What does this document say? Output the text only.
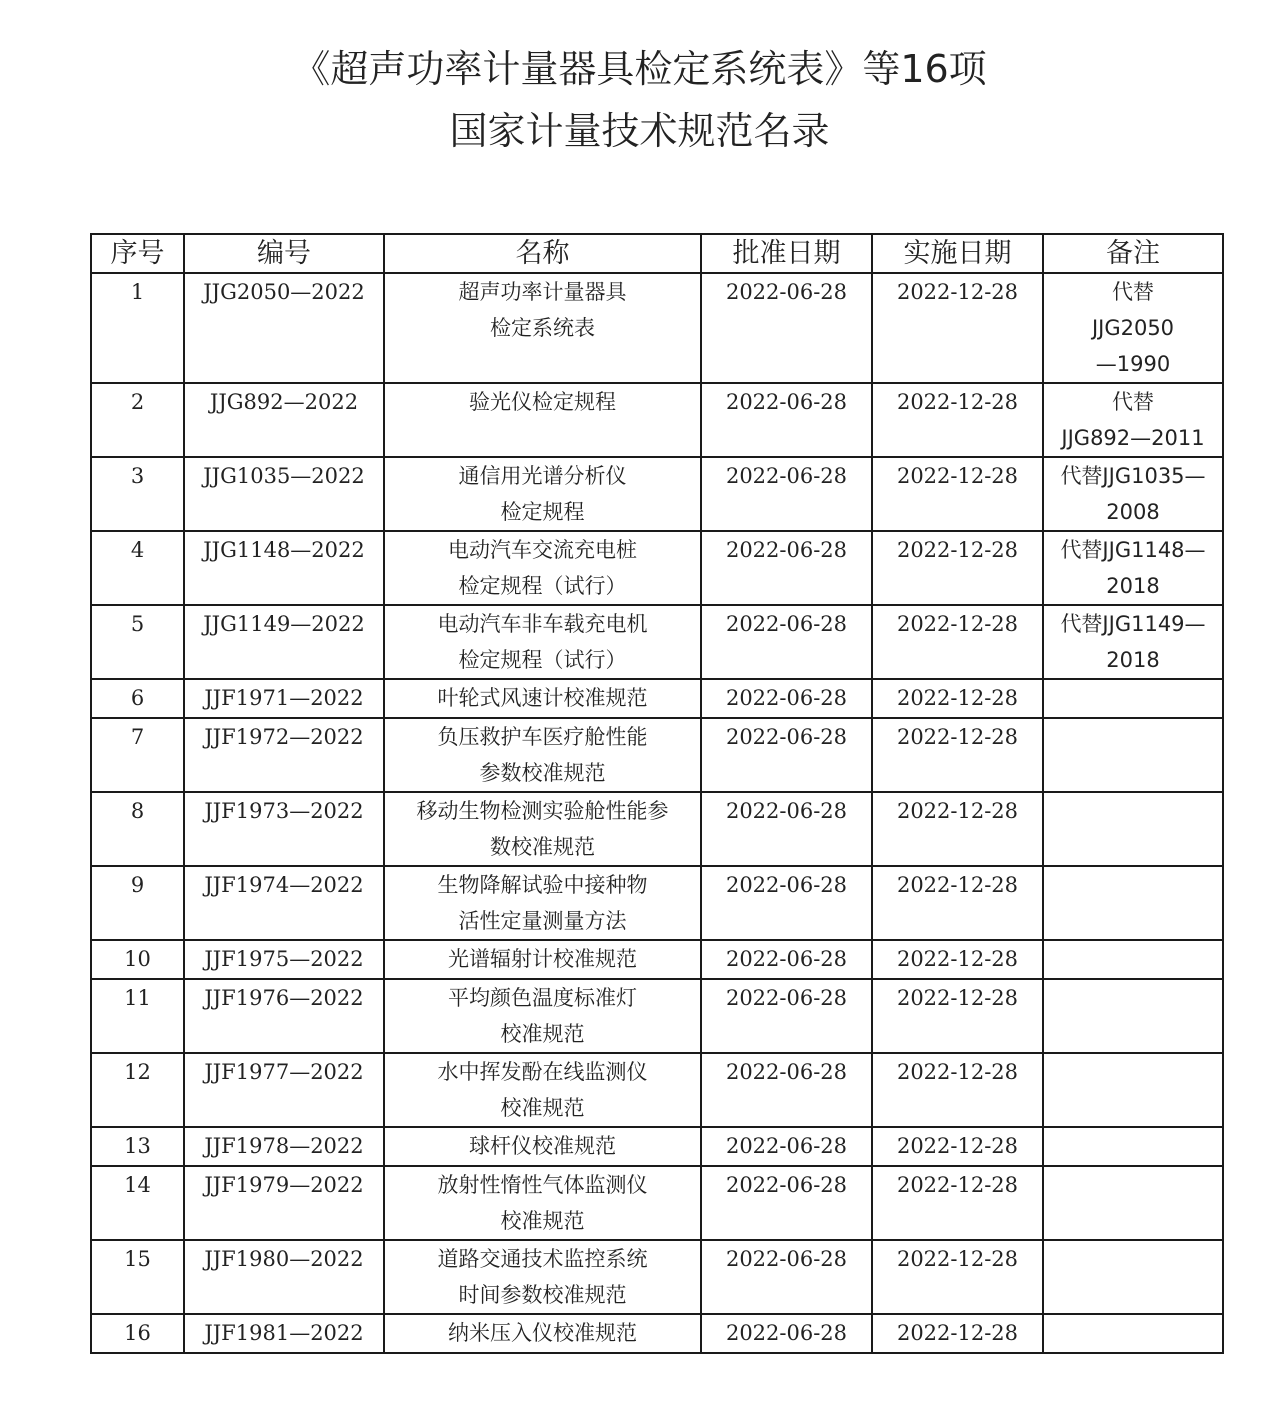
《超声功率计量器具检定系统表》等16项
国家计量技术规范名录
序号	编号	名称	批准日期	实施日期	备注
1	JJG2050—2022	超声功率计量器具
检定系统表	2022-06-28	2022-12-28	代替
JJG2050
—1990

2	JJG892—2022	验光仪检定规程	2022-06-28	2022-12-28	代替
JJG892—2011

3	JJG1035—2022	通信用光谱分析仪
检定规程	2022-06-28	2022-12-28	代替JJG1035—
2008

4	JJG1148—2022	电动汽车交流充电桩
检定规程（试行）	2022-06-28	2022-12-28	代替JJG1148—
2018

5	JJG1149—2022	电动汽车非车载充电机
检定规程（试行）	2022-06-28	2022-12-28	代替JJG1149—
2018

6	JJF1971—2022	叶轮式风速计校准规范	2022-06-28	2022-12-28	
7	JJF1972—2022	负压救护车医疗舱性能
参数校准规范	2022-06-28	2022-12-28	
8	JJF1973—2022	移动生物检测实验舱性能参
数校准规范	2022-06-28	2022-12-28	
9	JJF1974—2022	生物降解试验中接种物
活性定量测量方法	2022-06-28	2022-12-28	
10	JJF1975—2022	光谱辐射计校准规范	2022-06-28	2022-12-28	
11	JJF1976—2022	平均颜色温度标准灯
校准规范	2022-06-28	2022-12-28	
12	JJF1977—2022	水中挥发酚在线监测仪
校准规范	2022-06-28	2022-12-28	
13	JJF1978—2022	球杆仪校准规范	2022-06-28	2022-12-28	
14	JJF1979—2022	放射性惰性气体监测仪
校准规范	2022-06-28	2022-12-28	
15	JJF1980—2022	道路交通技术监控系统
时间参数校准规范	2022-06-28	2022-12-28	
16	JJF1981—2022	纳米压入仪校准规范	2022-06-28	2022-12-28	
